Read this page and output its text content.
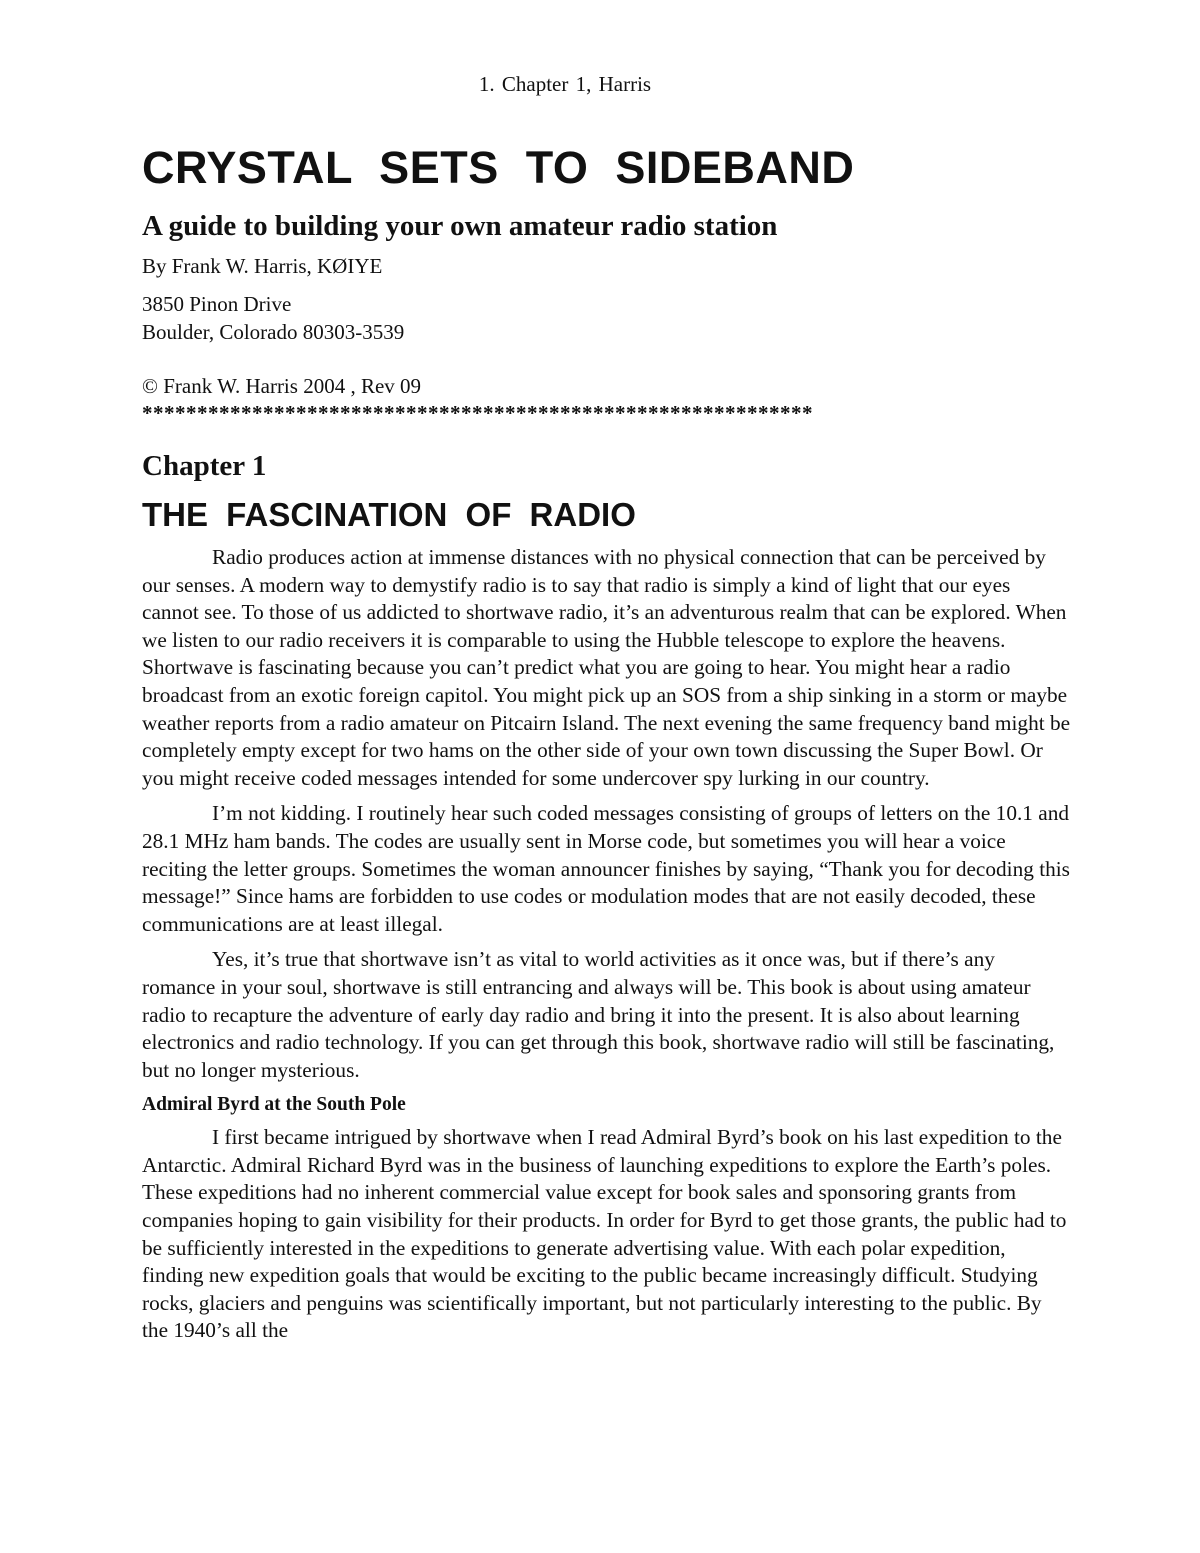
1. Chapter 1, Harris
CRYSTAL SETS TO SIDEBAND
A guide to building your own amateur radio station
By Frank W. Harris, KØIYE
3850 Pinon Drive
Boulder, Colorado 80303-3539
© Frank W. Harris 2004 , Rev 09
*************************************************************
Chapter 1
THE FASCINATION OF RADIO

Radio produces action at immense distances with no physical connection that can be perceived by our senses. A modern way to demystify radio is to say that radio is simply a kind of light that our eyes cannot see. To those of us addicted to shortwave radio, it’s an adventurous realm that can be explored. When we listen to our radio receivers it is comparable to using the Hubble telescope to explore the heavens. Shortwave is fascinating because you can’t predict what you are going to hear. You might hear a radio broadcast from an exotic foreign capitol. You might pick up an SOS from a ship sinking in a storm or maybe weather reports from a radio amateur on Pitcairn Island. The next evening the same frequency band might be completely empty except for two hams on the other side of your own town discussing the Super Bowl. Or you might receive coded messages intended for some undercover spy lurking in our country.

I’m not kidding. I routinely hear such coded messages consisting of groups of letters on the 10.1 and 28.1 MHz ham bands. The codes are usually sent in Morse code, but sometimes you will hear a voice reciting the letter groups. Sometimes the woman announcer finishes by saying, “Thank you for decoding this message!” Since hams are forbidden to use codes or modulation modes that are not easily decoded, these communications are at least illegal.

Yes, it’s true that shortwave isn’t as vital to world activities as it once was, but if there’s any romance in your soul, shortwave is still entrancing and always will be. This book is about using amateur radio to recapture the adventure of early day radio and bring it into the present. It is also about learning electronics and radio technology. If you can get through this book, shortwave radio will still be fascinating, but no longer mysterious.

Admiral Byrd at the South Pole

I first became intrigued by shortwave when I read Admiral Byrd’s book on his last expedition to the Antarctic. Admiral Richard Byrd was in the business of launching expeditions to explore the Earth’s poles. These expeditions had no inherent commercial value except for book sales and sponsoring grants from companies hoping to gain visibility for their products. In order for Byrd to get those grants, the public had to be sufficiently interested in the expeditions to generate advertising value. With each polar expedition, finding new expedition goals that would be exciting to the public became increasingly difficult. Studying rocks, glaciers and penguins was scientifically important, but not particularly interesting to the public. By the 1940’s all the
